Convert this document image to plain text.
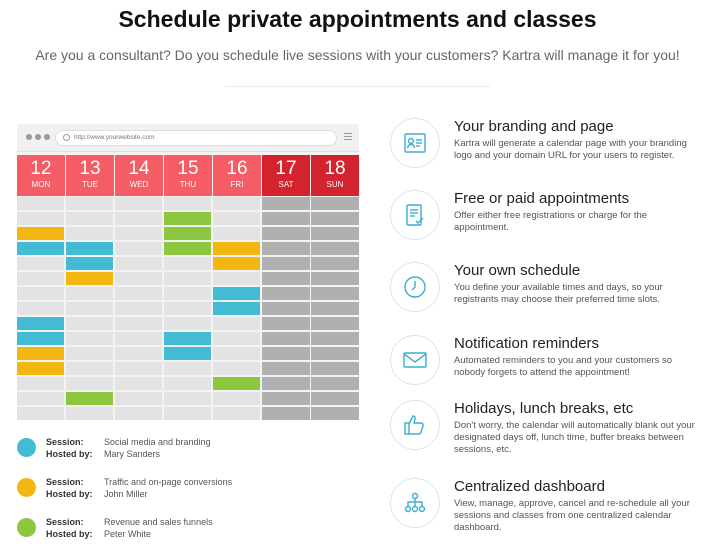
Schedule private appointments and classes
Are you a consultant? Do you schedule live sessions with your customers? Kartra will manage it for you!
http://www.yourwebsite.com
12
MON
13
TUE
14
WED
15
THU
16
FRI
17
SAT
18
SUN
Session:
Hosted by:
Social media and branding
Mary Sanders
Session:
Hosted by:
Traffic and on-page conversions
John Miller
Session:
Hosted by:
Revenue and sales funnels
Peter White
Your branding and page
Kartra will generate a calendar page with your branding logo and your domain URL for your users to register.
Free or paid appointments
Offer either free registrations or charge for the appointment.
Your own schedule
You define your available times and days, so your registrants may choose their preferred time slots.
Notification reminders
Automated reminders to you and your customers so nobody forgets to attend the appointment!
Holidays, lunch breaks, etc
Don't worry, the calendar will automatically blank out your designated days off, lunch time, buffer breaks between sessions, etc.
Centralized dashboard
View, manage, approve, cancel and re-schedule all your sessions and classes from one centralized calendar dashboard.
